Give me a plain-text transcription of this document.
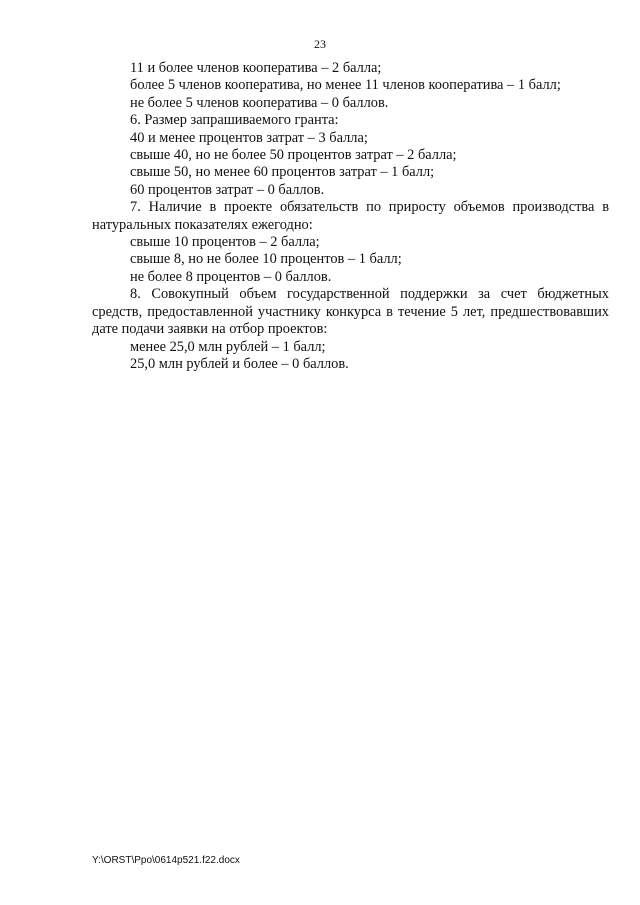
23
11 и более членов кооператива – 2 балла;
более 5 членов кооператива, но менее 11 членов кооператива – 1 балл;
не более 5 членов кооператива – 0 баллов.
6. Размер запрашиваемого гранта:
40 и менее процентов затрат – 3 балла;
свыше 40, но не более 50 процентов затрат – 2 балла;
свыше 50, но менее 60 процентов затрат – 1 балл;
60 процентов затрат – 0 баллов.
7. Наличие в проекте обязательств по приросту объемов производства в натуральных показателях ежегодно:
свыше 10 процентов – 2 балла;
свыше 8, но не более 10 процентов – 1 балл;
не более 8 процентов – 0 баллов.
8. Совокупный объем государственной поддержки за счет бюджетных средств, предоставленной участнику конкурса в течение 5 лет, предшествовавших дате подачи заявки на отбор проектов:
менее 25,0 млн рублей – 1 балл;
25,0 млн рублей и более – 0 баллов.
Y:\ORST\Ppo\0614p521.f22.docx
